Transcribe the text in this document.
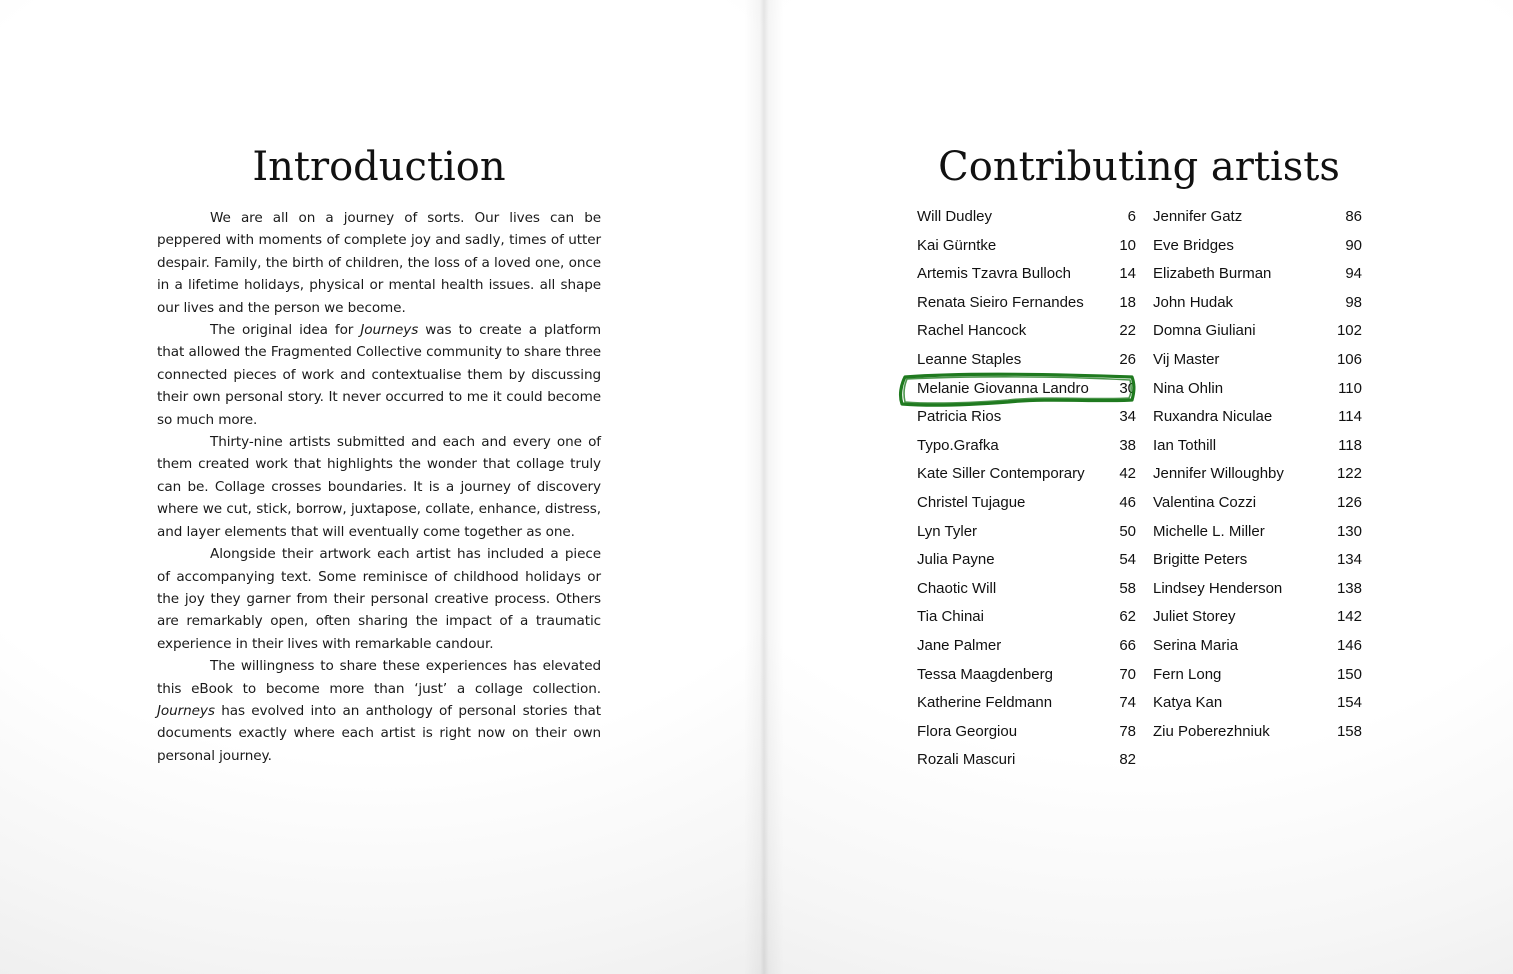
Introduction

We are all on a journey of sorts. Our lives can be peppered with moments of complete joy and sadly, times of utter despair. Family, the birth of children, the loss of a loved one, once in a lifetime holidays, physical or mental health issues. all shape our lives and the person we become.

The original idea for Journeys was to create a platform that allowed the Fragmented Collective community to share three connected pieces of work and contextualise them by discussing their own personal story. It never occurred to me it could become so much more.

Thirty-nine artists submitted and each and every one of them created work that highlights the wonder that collage truly can be. Collage crosses boundaries. It is a journey of discovery where we cut, stick, borrow, juxtapose, collate, enhance, distress, and layer elements that will eventually come together as one.

Alongside their artwork each artist has included a piece of accompanying text. Some reminisce of childhood holidays or the joy they garner from their personal creative process. Others are remarkably open, often sharing the impact of a traumatic experience in their lives with remarkable candour.

The willingness to share these experiences has elevated this eBook to become more than ‘just’ a collage collection. Journeys has evolved into an anthology of personal stories that documents exactly where each artist is right now on their own personal journey.

Contributing artists
Will Dudley	6
Kai Gürntke	10
Artemis Tzavra Bulloch	14
Renata Sieiro Fernandes 18
Rachel Hancock	22
Leanne Staples	26
Melanie Giovanna Landro 30
Patricia Rios	34
Typo.Grafka	38
Kate Siller Contemporary 42
Christel Tujague	46
Lyn Tyler	50
Julia Payne	54
Chaotic Will	58
Tia Chinai	62
Jane Palmer	66
Tessa Maagdenberg	70
Katherine Feldmann	74
Flora Georgiou	78
Rozali Mascuri	82
Jennifer Gatz	86
Eve Bridges	90
Elizabeth Burman	94
John Hudak	98
Domna Giuliani	102
Vij Master	106
Nina Ohlin	110
Ruxandra Niculae	114
Ian Tothill	118
Jennifer Willoughby	122
Valentina Cozzi	126
Michelle L. Miller	130
Brigitte Peters	134
Lindsey Henderson	138
Juliet Storey	142
Serina Maria	146
Fern Long	150
Katya Kan	154
Ziu Poberezhniuk	158
